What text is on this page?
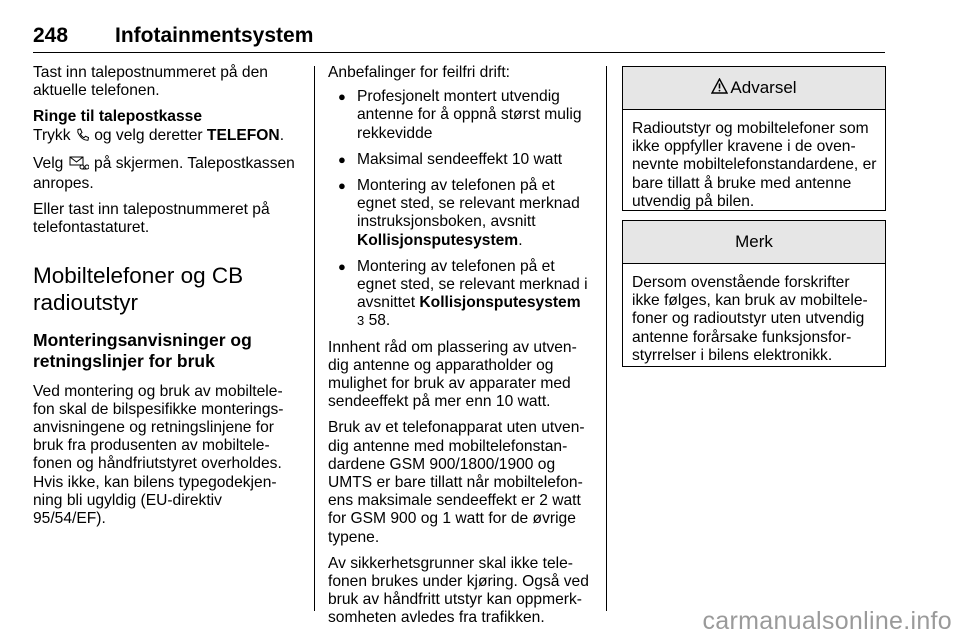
248 Infotainmentsystem

Tast inn talepostnummeret på den aktuelle telefonen.

Ringe til talepostkasse

Trykk og velg deretter TELEFON.

Velg på skjermen. Talepostkassen anropes.

Eller tast inn talepostnummeret på telefontastaturet.

Mobiltelefoner og CB radioutstyr
Monteringsanvisninger og retningslinjer for bruk

Ved montering og bruk av mobiltelefon skal de bilspesifikke monteringsanvisningene og retningslinjene for bruk fra produsenten av mobiltelefonen og håndfriutstyret overholdes. Hvis ikke, kan bilens typegodekjenning bli ugyldig (EU-direktiv 95/54/EF).

Anbefalinger for feilfri drift:

● Profesjonelt montert utvendig antenne for å oppnå størst mulig rekkevidde
● Maksimal sendeeffekt 10 watt
● Montering av telefonen på et egnet sted, se relevant merknad instruksjonsboken, avsnitt Kollisjonsputesystem.
● Montering av telefonen på et egnet sted, se relevant merknad i avsnittet Kollisjonsputesystem
3 58.

Innhent råd om plassering av utvendig antenne og apparatholder og mulighet for bruk av apparater med sendeeffekt på mer enn 10 watt.

Bruk av et telefonapparat uten utvendig antenne med mobiltelefonstandardene GSM 900/1800/1900 og UMTS er bare tillatt når mobiltelefonens maksimale sendeeffekt er 2 watt for GSM 900 og 1 watt for de øvrige typene.

Av sikkerhetsgrunner skal ikke telefonen brukes under kjøring. Også ved bruk av håndfritt utstyr kan oppmerksomheten avledes fra trafikken.

Advarsel
Radioutstyr og mobiltelefoner som ikke oppfyller kravene i de ovennevnte mobiltelefonstandardene, er bare tillatt å bruke med antenne utvendig på bilen.
Merk
Dersom ovenstående forskrifter ikke følges, kan bruk av mobiltelefoner og radioutstyr uten utvendig antenne forårsake funksjonsforstyrrelser i bilens elektronikk.
carmanualsonline.info
